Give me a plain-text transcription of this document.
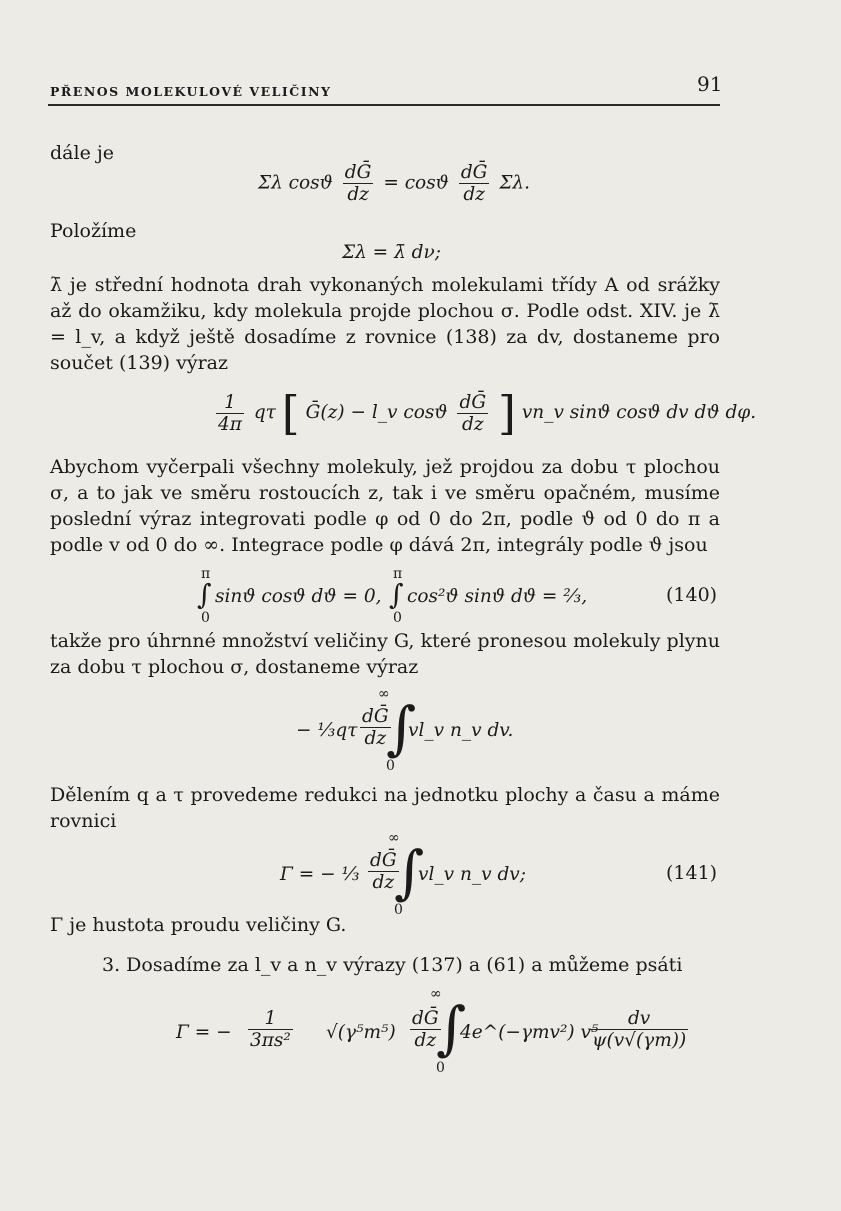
PŘENOS MOLEKULOVÉ VELIČINY	91
dále je
Σλ cosϑ $\frac{\text{dḠ}}{dz} = \cos ϑ \frac{\text{dḠ}}{dz} \Sigma\lambda$.
Položíme
Σλ = λ̄ dν;
λ̄ je střední hodnota drah vykonaných molekulami třídy A od srážky až do okamžiku, kdy molekula projde plochou σ. Podle odst. XIV. je λ̄ = l_v, a když ještě dosadíme z rovnice (138) za dv, dostaneme pro součet (139) výraz
$\frac{1}{4\pi}$ qτ [ Ḡ(z) − l_v cosϑ $\frac{\text{dḠ}}{dz}$ ] vn_v sinϑ cosϑ dv dϑ dφ.
Abychom vyčerpali všechny molekuly, jež projdou za dobu τ plochou σ, a to jak ve směru rostoucích z, tak i ve směru opačném, musíme poslední výraz integrovati podle φ od 0 do 2π, podle ϑ od 0 do π a podle v od 0 do ∞. Integrace podle φ dává 2π, integrály podle ϑ jsou
π
0
∫ sinϑ cosϑ dϑ = 0,
π
0
∫ cos²ϑ sinϑ dϑ = ⅔,	(140)
takže pro úhrnné množství veličiny G, které pronesou molekuly plynu za dobu τ plochou σ, dostaneme výraz
− ⅓qτ $\frac{\text{dḠ}}{dz}$
∞
∫
0
vl_v n_v dv.
Dělením q a τ provedeme redukci na jednotku plochy a času a máme rovnici
Γ = − ⅓ $\frac{\text{dḠ}}{dz}$
∞
∫
0
vl_v n_v dv;	(141)
Γ je hustota proudu veličiny G.
3. Dosadíme za l_v a n_v výrazy (137) a (61) a můžeme psáti
Γ = − $\frac{1}{\text{3πs²}} √(\gamma^5m^5) \frac{\text{dḠ}}{dz}$
∞
∫
0
4e^(−γmv²) v⁵
$\frac{dv}{\psi(v√(\gamma m))}$
